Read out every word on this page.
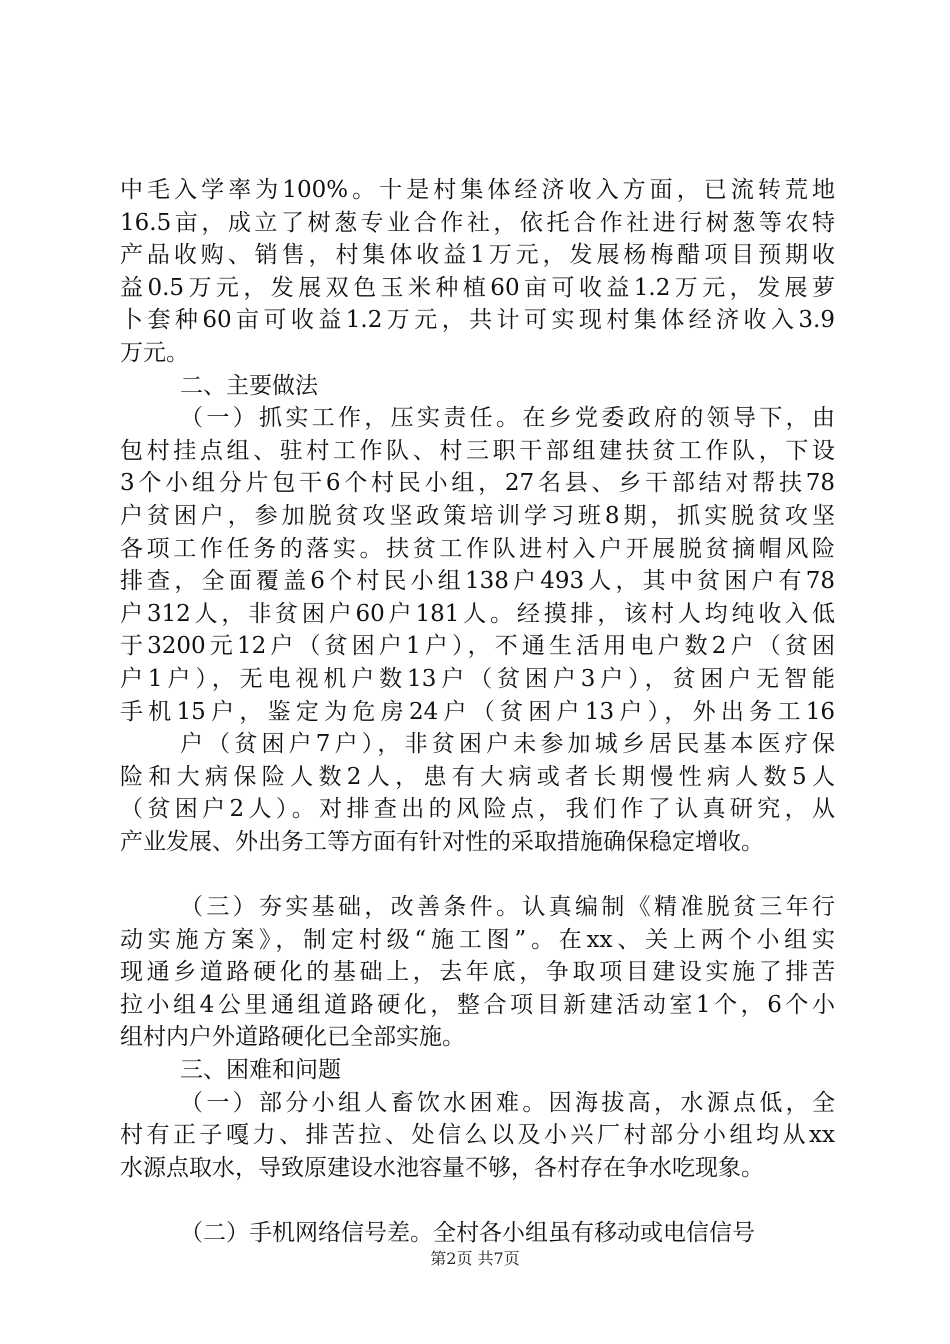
中毛入学率为100%。十是村集体经济收入方面，已流转荒地
16.5亩，成立了树葱专业合作社，依托合作社进行树葱等农特
产品收购、销售，村集体收益1万元，发展杨梅醋项目预期收
益0.5万元，发展双色玉米种植60亩可收益1.2万元，发展萝
卜套种60亩可收益1.2万元，共计可实现村集体经济收入3.9
万元。
二、主要做法
（一）抓实工作，压实责任。在乡党委政府的领导下，由
包村挂点组、驻村工作队、村三职干部组建扶贫工作队，下设
3个小组分片包干6个村民小组，27名县、乡干部结对帮扶78
户贫困户，参加脱贫攻坚政策培训学习班8期，抓实脱贫攻坚
各项工作任务的落实。扶贫工作队进村入户开展脱贫摘帽风险
排查，全面覆盖6个村民小组138户493人，其中贫困户有78
户312人，非贫困户60户181人。经摸排，该村人均纯收入低
于3200元12户（贫困户1户），不通生活用电户数2户（贫困
户1户），无电视机户数13户（贫困户3户），贫困户无智能
手机15户，鉴定为危房24户（贫困户13户），外出务工16
户（贫困户7户），非贫困户未参加城乡居民基本医疗保
险和大病保险人数2人，患有大病或者长期慢性病人数5人
（贫困户2人）。对排查出的风险点，我们作了认真研究，从
产业发展、外出务工等方面有针对性的采取措施确保稳定增收。
（三）夯实基础，改善条件。认真编制《精准脱贫三年行
动实施方案》，制定村级“施工图”。在xx、关上两个小组实
现通乡道路硬化的基础上，去年底，争取项目建设实施了排苦
拉小组4公里通组道路硬化，整合项目新建活动室1个，6个小
组村内户外道路硬化已全部实施。
三、困难和问题
（一）部分小组人畜饮水困难。因海拔高，水源点低，全
村有正子嘎力、排苦拉、处信么以及小兴厂村部分小组均从xx
水源点取水，导致原建设水池容量不够，各村存在争水吃现象。
（二）手机网络信号差。全村各小组虽有移动或电信信号
第2页 共7页
